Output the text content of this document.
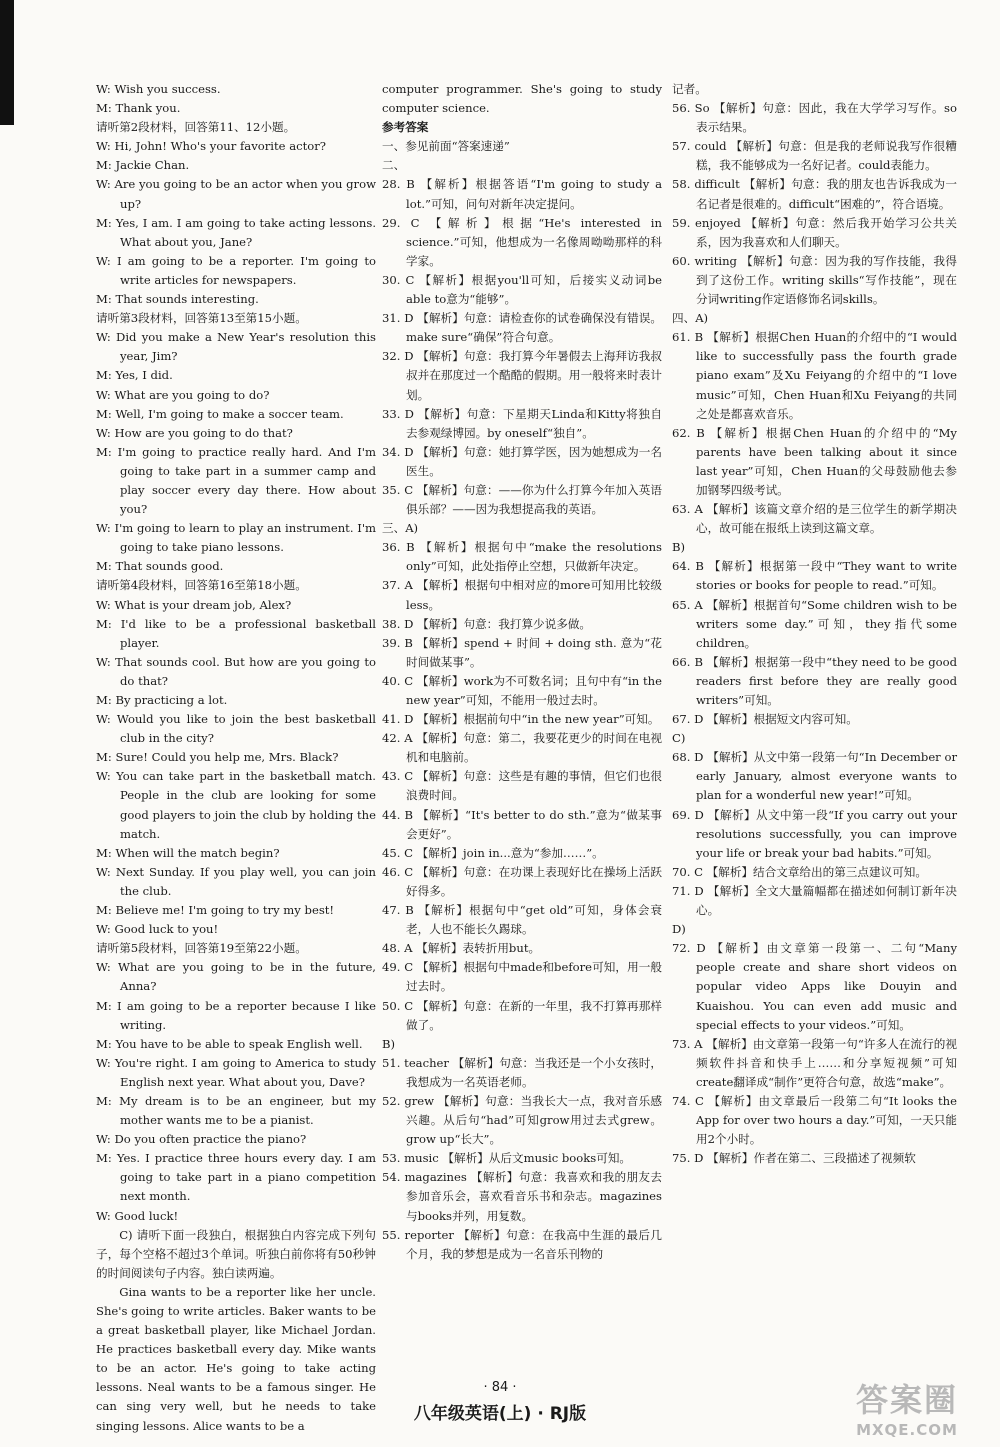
W: Wish you success.

M: Thank you.

请听第2段材料，回答第11、12小题。

W: Hi, John! Who's your favorite actor?

M: Jackie Chan.

W: Are you going to be an actor when you grow up?

M: Yes, I am. I am going to take acting lessons. What about you, Jane?

W: I am going to be a reporter. I'm going to write articles for newspapers.

M: That sounds interesting.

请听第3段材料，回答第13至第15小题。

W: Did you make a New Year's resolution this year, Jim?

M: Yes, I did.

W: What are you going to do?

M: Well, I'm going to make a soccer team.

W: How are you going to do that?

M: I'm going to practice really hard. And I'm going to take part in a summer camp and play soccer every day there. How about you?

W: I'm going to learn to play an instrument. I'm going to take piano lessons.

M: That sounds good.

请听第4段材料，回答第16至第18小题。

W: What is your dream job, Alex?

M: I'd like to be a professional basketball player.

W: That sounds cool. But how are you going to do that?

M: By practicing a lot.

W: Would you like to join the best basketball club in the city?

M: Sure! Could you help me, Mrs. Black?

W: You can take part in the basketball match. People in the club are looking for some good players to join the club by holding the match.

M: When will the match begin?

W: Next Sunday. If you play well, you can join the club.

M: Believe me! I'm going to try my best!

W: Good luck to you!

请听第5段材料，回答第19至第22小题。

W: What are you going to be in the future, Anna?

M: I am going to be a reporter because I like writing.

M: You have to be able to speak English well.

W: You're right. I am going to America to study English next year. What about you, Dave?

M: My dream is to be an engineer, but my mother wants me to be a pianist.

W: Do you often practice the piano?

M: Yes. I practice three hours every day. I am going to take part in a piano competition next month.

W: Good luck!

C) 请听下面一段独白，根据独白内容完成下列句子，每个空格不超过3个单词。听独白前你将有50秒钟的时间阅读句子内容。独白读两遍。

Gina wants to be a reporter like her uncle. She's going to write articles. Baker wants to be a great basketball player, like Michael Jordan. He practices basketball every day. Mike wants to be an actor. He's going to take acting lessons. Neal wants to be a famous singer. He can sing very well, but he needs to take singing lessons. Alice wants to be a

computer programmer. She's going to study computer science.

参考答案

一、参见前面“答案速递”

二、

28. B 【解析】根据答语“I'm going to study a lot.”可知，问句对新年决定提问。

29. C 【解析】根据“He's interested in science.”可知，他想成为一名像周呦呦那样的科学家。

30. C 【解析】根据you'll可知，后接实义动词be able to意为“能够”。

31. D 【解析】句意：请检查你的试卷确保没有错误。make sure“确保”符合句意。

32. D 【解析】句意：我打算今年暑假去上海拜访我叔叔并在那度过一个酷酷的假期。用一般将来时表计划。

33. D 【解析】句意：下星期天Linda和Kitty将独自去参观绿博园。by oneself“独自”。

34. D 【解析】句意：她打算学医，因为她想成为一名医生。

35. C 【解析】句意：——你为什么打算今年加入英语俱乐部？——因为我想提高我的英语。

三、A)

36. B 【解析】根据句中“make the resolutions only”可知，此处指停止空想，只做新年决定。

37. A 【解析】根据句中相对应的more可知用比较级less。

38. D 【解析】句意：我打算少说多做。

39. B 【解析】spend + 时间 + doing sth. 意为“花时间做某事”。

40. C 【解析】work为不可数名词；且句中有“in the new year”可知，不能用一般过去时。

41. D 【解析】根据前句中“in the new year”可知。

42. A 【解析】句意：第二，我要花更少的时间在电视机和电脑前。

43. C 【解析】句意：这些是有趣的事情，但它们也很浪费时间。

44. B 【解析】“It's better to do sth.”意为“做某事会更好”。

45. C 【解析】join in...意为“参加……”。

46. C 【解析】句意：在功课上表现好比在操场上活跃好得多。

47. B 【解析】根据句中“get old”可知，身体会衰老，人也不能长久踢球。

48. A 【解析】表转折用but。

49. C 【解析】根据句中made和before可知，用一般过去时。

50. C 【解析】句意：在新的一年里，我不打算再那样做了。

B)

51. teacher 【解析】句意：当我还是一个小女孩时，我想成为一名英语老师。

52. grew 【解析】句意：当我长大一点，我对音乐感兴趣。从后句“had”可知grow用过去式grew。grow up“长大”。

53. music 【解析】从后文music books可知。

54. magazines 【解析】句意：我喜欢和我的朋友去参加音乐会，喜欢看音乐书和杂志。magazines与books并列，用复数。

55. reporter 【解析】句意：在我高中生涯的最后几个月，我的梦想是成为一名音乐刊物的

记者。

56. So 【解析】句意：因此，我在大学学习写作。so表示结果。

57. could 【解析】句意：但是我的老师说我写作很糟糕，我不能够成为一名好记者。could表能力。

58. difficult 【解析】句意：我的朋友也告诉我成为一名记者是很难的。difficult“困难的”，符合语境。

59. enjoyed 【解析】句意：然后我开始学习公共关系，因为我喜欢和人们聊天。

60. writing 【解析】句意：因为我的写作技能，我得到了这份工作。writing skills“写作技能”，现在分词writing作定语修饰名词skills。

四、A)

61. B 【解析】根据Chen Huan的介绍中的“I would like to successfully pass the fourth grade piano exam”及Xu Feiyang的介绍中的“I love music”可知，Chen Huan和Xu Feiyang的共同之处是都喜欢音乐。

62. B 【解析】根据Chen Huan的介绍中的“My parents have been talking about it since last year”可知，Chen Huan的父母鼓励他去参加钢琴四级考试。

63. A 【解析】该篇文章介绍的是三位学生的新学期决心，故可能在报纸上读到这篇文章。

B)

64. B 【解析】根据第一段中“They want to write stories or books for people to read.”可知。

65. A 【解析】根据首句“Some children wish to be writers some day.”可知，they指代some children。

66. B 【解析】根据第一段中“they need to be good readers first before they are really good writers”可知。

67. D 【解析】根据短文内容可知。

C)

68. D 【解析】从文中第一段第一句“In December or early January, almost everyone wants to plan for a wonderful new year!”可知。

69. D 【解析】从文中第一段“If you carry out your resolutions successfully, you can improve your life or break your bad habits.”可知。

70. C 【解析】结合文章给出的第三点建议可知。

71. D 【解析】全文大量篇幅都在描述如何制订新年决心。

D)

72. D 【解析】由文章第一段第一、二句“Many people create and share short videos on popular video Apps like Douyin and Kuaishou. You can even add music and special effects to your videos.”可知。

73. A 【解析】由文章第一段第一句“许多人在流行的视频软件抖音和快手上……和分享短视频”可知create翻译成“制作”更符合句意，故选“make”。

74. C 【解析】由文章最后一段第二句“It looks the App for over two hours a day.”可知，一天只能用2个小时。

75. D 【解析】作者在第二、三段描述了视频软

· 84 ·
八年级英语(上) · RJ版	答案圈
MXQE.COM
